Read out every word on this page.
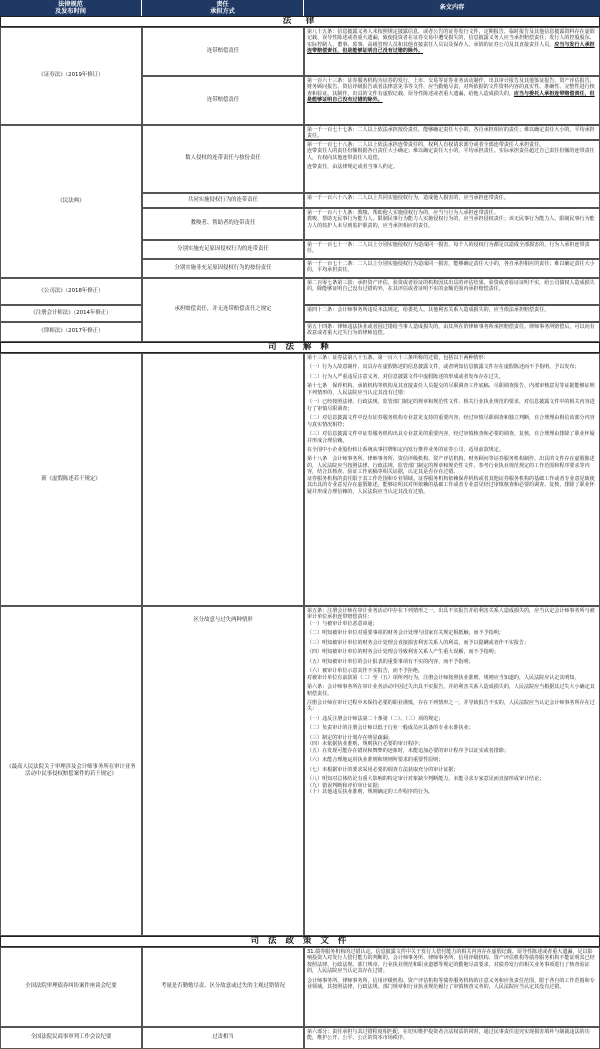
法律规范
及发布时间
责任
承担方式
条文内容
法　律
《证券法》（2019年修订）
连带赔偿责任
连带赔偿责任
第八十五条：信息披露义务人未按照规定披露信息，或者公告的证券发行文件、定期报告、临时报告及其他信息披露资料存在虚假记载、误导性陈述或者重大遗漏，致使投资者在证券交易中遭受损失的，信息披露义务人应当承担赔偿责任；发行人的控股股东、实际控制人、董事、监事、高级管理人员和其他直接责任人员以及保荐人、承销的证券公司及其直接责任人员，应当与发行人承担连带赔偿责任，但是能够证明自己没有过错的除外。
第一百六十三条：证券服务机构为证券的发行、上市、交易等证券业务活动制作、出具审计报告及其他鉴证报告、资产评估报告、财务顾问报告、资信评级报告或者法律意见书等文件，应当勤勉尽责，对所依据的文件资料内容的真实性、准确性、完整性进行核查和验证。其制作、出具的文件有虚假记载、误导性陈述或者重大遗漏，给他人造成损失的，应当与委托人承担连带赔偿责任，但是能够证明自己没有过错的除外。
《民法典》
数人侵权的连带责任与按份责任
共同实施侵权行为的连带责任
教唆者、帮助者的连带责任
分别实施充足原因侵权行为的连带责任
分别实施非充足原因侵权行为的按份责任

第一千一百七十七条：二人以上依法承担按份责任，能够确定责任大小的，各自承担相应的责任；难以确定责任大小的，平均承担责任。

第一千一百七十八条：二人以上依法承担连带责任的，权利人有权请求部分或者全部连带责任人承担责任。

连带责任人的责任份额根据各自责任大小确定；难以确定责任大小的，平均承担责任。实际承担责任超过自己责任份额的连带责任人，有权向其他连带责任人追偿。

连带责任，由法律规定或者当事人约定。

第一千一百六十八条：二人以上共同实施侵权行为，造成他人损害的，应当承担连带责任。

第一千一百六十九条：教唆、帮助他人实施侵权行为的，应当与行为人承担连带责任。

教唆、帮助无民事行为能力人、限制民事行为能力人实施侵权行为的，应当承担侵权责任；该无民事行为能力人、限制民事行为能力人的监护人未尽到监护职责的，应当承担相应的责任。

第一千一百七十一条：二人以上分别实施侵权行为造成同一损害，每个人的侵权行为都足以造成全部损害的，行为人承担连带责任。

第一千一百七十二条：二人以上分别实施侵权行为造成同一损害，能够确定责任大小的，各自承担相应的责任；难以确定责任大小的，平均承担责任。

《公司法》（2018年修正）
《注册会计师法》（2014年修正）
《律师法》（2017年修正）
承担赔偿责任，并无连带赔偿责任之规定

第二百零七条第三款：承担资产评估、验资或者验证的机构因其出具的评估结果、验资或者验证证明不实，给公司债权人造成损失的，除能够证明自己没有过错的外，在其评估或者证明不实的金额范围内承担赔偿责任。

第四十二条：会计师事务所违反本法规定，给委托人、其他利害关系人造成损失的，应当依法承担赔偿责任。

第五十四条：律师违法执业或者因过错给当事人造成损失的，由其所在的律师事务所承担赔偿责任。律师事务所赔偿后，可以向有故意或者重大过失行为的律师追偿。

司 法 解 释
新《虚假陈述若干规定》

第十三条：证券法第八十五条、第一百六十三条所称的过错，包括以下两种情形：

（一）行为人故意制作、出具存在虚假陈述的信息披露文件，或者明知信息披露文件存在虚假陈述而不予指明、予以发布；

（二）行为人严重违反注意义务，对信息披露文件中虚假陈述的形成或者发布存在过失。

第十七条　保荐机构、承销机构等机构及其直接责任人员提交的尽职调查工作底稿、尽职调查报告、内部审核意见等证据能够证明下列情形的，人民法院应当认定其没有过错：

（一）已经按照法律、行政法规、监管部门制定的规章和规范性文件、相关行业执业规范的要求，对信息披露文件中的相关内容进行了审慎尽职调查；

（二）对信息披露文件中没有证券服务机构专业意见支持的重要内容，经过审慎尽职调查和独立判断，有合理理由相信该部分内容与真实情况相符；

（三）对信息披露文件中证券服务机构出具专业意见的重要内容，经过审慎核查和必要的调查、复核，有合理理由排除了职业怀疑并形成合理信赖。

在全国中小企业股份转让系统从事挂牌和定向发行推荐业务的证券公司，适用前款规定。

第十八条　会计师事务所、律师事务所、资信评级机构、资产评估机构、财务顾问等证券服务机构制作、出具的文件存在虚假陈述的，人民法院应当按照法律、行政法规、监管部门制定的规章和规范性文件，参考行业执业规范规定的工作范围和程序要求等内容，结合其核查、验证工作底稿等相关证据，认定其是否存在过错。

证券服务机构的责任限于其工作范围和专业领域。证券服务机构依赖保荐机构或者其他证券服务机构的基础工作或者专业意见致使其出具的专业意见存在虚假陈述，能够证明其对所依赖的基础工作或者专业意见经过审慎核查和必要的调查、复核，排除了职业怀疑并形成合理信赖的，人民法院应当认定其没有过错。

《最高人民法院关于审理涉及会计师事务所在审计业务活动中民事侵权赔偿案件的若干规定》
区分故意与过失两种情形

第五条：注册会计师在审计业务活动中存在下列情形之一，出具不实报告并给利害关系人造成损失的，应当认定会计师事务所与被审计单位承担连带赔偿责任：

（一）与被审计单位恶意串通；

（二）明知被审计单位对重要事项的财务会计处理与国家有关规定相抵触，而不予指明；

（三）明知被审计单位的财务会计处理会直接损害利害关系人的利益，而予以隐瞒或者作不实报告；

（四）明知被审计单位的财务会计处理会导致利害关系人产生重大误解，而不予指明；

（五）明知被审计单位的会计报表的重要事项有不实的内容，而不予指明；

（六）被审计单位示意其作不实报告，而不予拒绝。

对被审计单位有前款第（二）至（五）项所列行为，注册会计师按照执业准则、规则应当知道的，人民法院应认定其明知。

第六条：会计师事务所在审计业务活动中因过失出具不实报告，并给利害关系人造成损失的，人民法院应当根据其过失大小确定其赔偿责任。

注册会计师在审计过程中未保持必要的职业谨慎，存在下列情形之一，并导致报告不实的，人民法院应当认定会计师事务所存在过失：

（一）违反注册会计师法第二十条第（二）、（三）项的规定；

（二）负责审计的注册会计师以低于行业一般成员应具备的专业水准执业；

（三）制定的审计计划存在明显疏漏；

（四）未依据执业准则、规则执行必要的审计程序；

（五）在发现可能存在错误和舞弊的迹象时，未能追加必要的审计程序予以证实或者排除；

（六）未能合理地运用执业准则和规则所要求的重要性原则；

（七）未根据审计的要求采用必要的调查方法获取充分的审计证据；

（八）明知对总体结论有重大影响的特定审计对象缺少判断能力，未能寻求专家意见而直接形成审计结论；

（九）错误判断和评价审计证据；

（十）其他违反执业准则、规则确定的工作程序的行为。

司 法 政 策 文 件
全国法院审理债券纠纷案件座谈会纪要	考量是否勤勉尽责、区分故意或过失的主观过错情况

31.债券服务机构的过错认定。信息披露文件中关于发行人偿付能力的相关内容存在虚假记载、误导性陈述或者重大遗漏，足以影响投资人对发行人偿付能力的判断的，会计师事务所、律师事务所、信用评级机构、资产评估机构等债券服务机构不能证明其已经按照法律、行政法规、部门规章、行业执业规范和职业道德等规定的勤勉尽责要求，对债券发行的相关业务事项进行了核查验证的，人民法院应当认定其存在过错。

会计师事务所、律师事务所、信用评级机构、资产评估机构等债券服务机构的注意义务和应负责任范围，限于各自的工作范围和专业领域，其按照法律、行政法规、部门规章和行业执业规范履行了审慎核查义务的，人民法院应当认定其没有过错。

全国法院民商事审判工作会议纪要	过责相当

第六部分：责任承担与其过错程度相匹配，在切实维护投资者合法权益的同时，通过民事责任追究实现损害填补与制裁违法的功能，维护公开、公平、公正的资本市场秩序。
